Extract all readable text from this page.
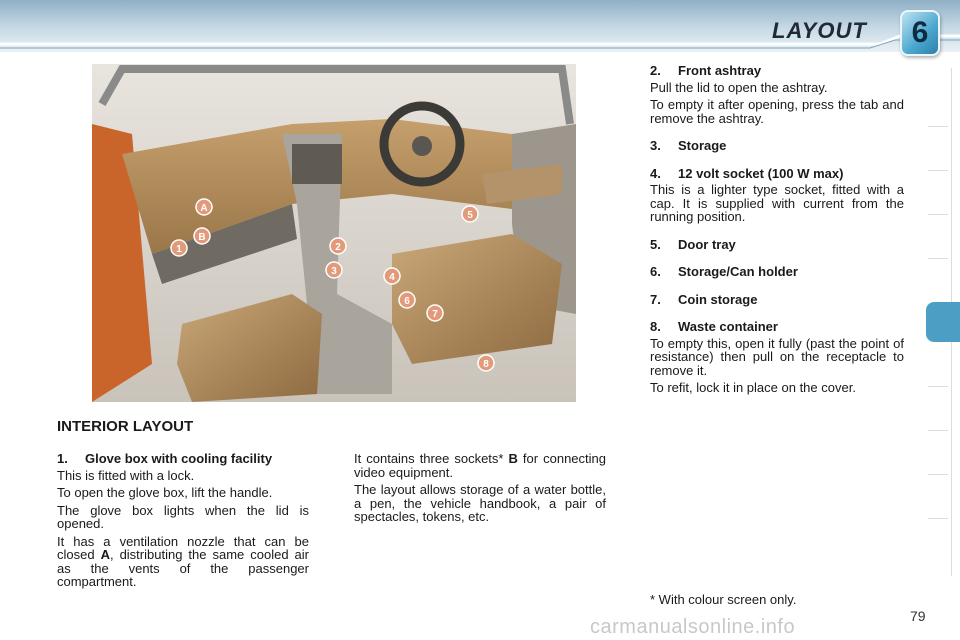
LAYOUT	6
A
B
1	2
3
4
5
6
7
8
INTERIOR LAYOUT
1. Glove box with cooling facility

This is fitted with a lock.

To open the glove box, lift the handle.

The glove box lights when the lid is opened.

It has a ventilation nozzle that can be closed A, distributing the same cooled air as the vents of the passenger compartment.

It contains three sockets* B for connecting video equipment.

The layout allows storage of a water bottle, a pen, the vehicle handbook, a pair of spectacles, tokens, etc.

2. Front ashtray

Pull the lid to open the ashtray.

To empty it after opening, press the tab and remove the ashtray.

3. Storage
4. 12 volt socket (100 W max)

This is a lighter type socket, fitted with a cap. It is supplied with current from the running position.

5. Door tray
6. Storage/Can holder
7. Coin storage
8. Waste container

To empty this, open it fully (past the point of resistance) then pull on the receptacle to remove it.

To refit, lock it in place on the cover.

* With colour screen only.
carmanualsonline.info	79
